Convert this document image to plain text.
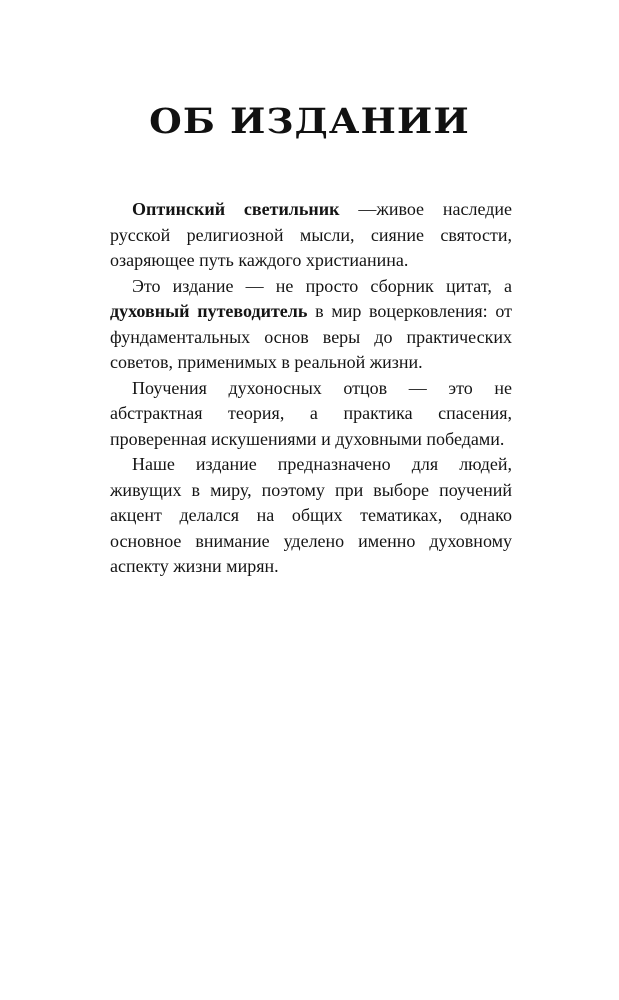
ОБ ИЗДАНИИ

Оптинский светильник —живое наследие русской религиозной мысли, сияние святости, озаряющее путь каждого христианина.

Это издание — не просто сборник цитат, а духовный путеводитель в мир воцерковления: от фундаментальных основ веры до практических советов, применимых в реальной жизни.

Поучения духоносных отцов — это не абстрактная теория, а практика спасения, проверенная искушениями и духовными победами.

Наше издание предназначено для людей, живущих в миру, поэтому при выборе поучений акцент делался на общих тематиках, однако основное внимание уделено именно духовному аспекту жизни мирян.
